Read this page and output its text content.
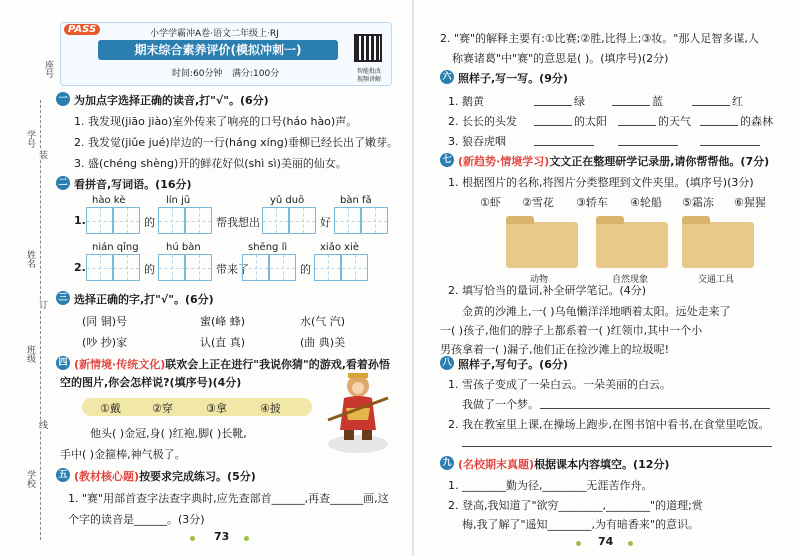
座号
学号
姓名
班级
学校
装
订
线
PASS	小学学霸冲A卷·语文二年级上·RJ
期末综合素养评价(模拟冲刺一)
时间:60分钟 满分:100分	智能批改
视频讲解
一 为加点字选择正确的读音,打"√"。(6分)
1. 我发现(jiāo jiào)室外传来了响亮的口号(háo hào)声。
2. 我发觉(jiǔe jué)岸边的一行(háng xíng)垂柳已经长出了嫩芽。
3. 盛(chéng shèng)开的鲜花好似(shì sì)美丽的仙女。
二 看拼音,写词语。(16分)
hào kè	lín jū	yǔ duō	bàn fǎ
1.	的	帮我想出	好
nián qīng	hú bàn	shēng lì	xiǎo xiè
2.	的	带来了	的
三 选择正确的字,打"√"。(6分)
(同 铜)号	蜜(峰 蜂)	水(气 汽)
(吵 抄)家	认(直 真)	(曲 典)美
四 (新情境·传统文化)联欢会上正在进行"我说你猜"的游戏,看着孙悟
空的图片,你会怎样说?(填序号)(4分)
①戴	②穿	③拿	④披
他头( )金冠,身( )红袍,脚( )长靴,
手中( )金箍棒,神气极了。
五 (教材核心题)按要求完成练习。(5分)
1. "赛"用部首查字法查字典时,应先查部首______,再查______画,这
个字的读音是______。(3分)
73
2. "赛"的解释主要有:①比赛;②胜,比得上;③妆。"那人足智多谋,人
称赛诸葛"中"赛"的意思是( )。(填序号)(2分)
六 照样子,写一写。(9分)
1. 鹅黄	绿	蓝	红
2. 长长的头发	的太阳	的天气	的森林
3. 狼吞虎咽
七 (新趋势·情境学习)文文正在整理研学记录册,请你帮帮他。(7分)
1. 根据图片的名称,将图片分类整理到文件夹里。(填序号)(3分)
①虾 ②雪花 ③轿车 ④轮船 ⑤霜冻 ⑥猩猩
动物	自然现象	交通工具
2. 填写恰当的量词,补全研学笔记。(4分)
金黄的沙滩上,一( )乌龟懒洋洋地晒着太阳。远处走来了
一( )孩子,他们的脖子上都系着一( )红领巾,其中一个小
男孩拿着一( )漏子,他们正在捡沙滩上的垃圾呢!
八 照样子,写句子。(6分)
1. 雪孩子变成了一朵白云。一朵美丽的白云。
我做了一个梦。
2. 我在教室里上课,在操场上跑步,在图书馆中看书,在食堂里吃饭。
九 (名校期末真题)根据课本内容填空。(12分)
1. ________勤为径,________无涯苦作舟。
2. 登高,我知道了"欲穷________,________"的道理;赏
梅,我了解了"遥知________,为有暗香来"的意识。
74
